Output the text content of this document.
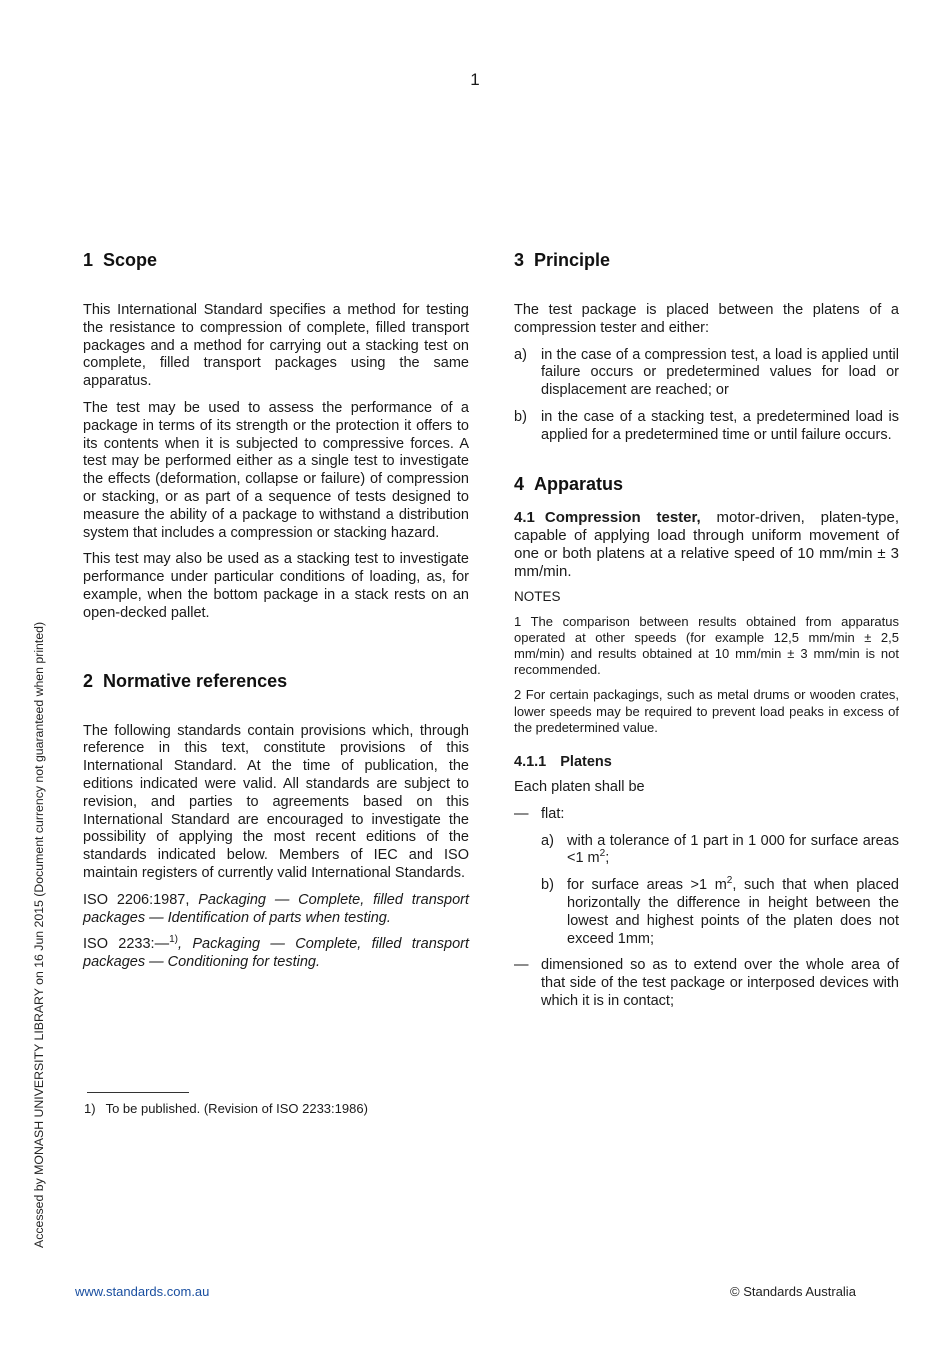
1
1 Scope

This International Standard specifies a method for testing the resistance to compression of complete, filled transport packages and a method for carrying out a stacking test on complete, filled transport packages using the same apparatus.

The test may be used to assess the performance of a package in terms of its strength or the protection it offers to its contents when it is subjected to compressive forces. A test may be performed either as a single test to investigate the effects (deformation, collapse or failure) of compression or stacking, or as part of a sequence of tests designed to measure the ability of a package to withstand a distribution system that includes a compression or stacking hazard.

This test may also be used as a stacking test to investigate performance under particular conditions of loading, as, for example, when the bottom package in a stack rests on an open-decked pallet.

2 Normative references

The following standards contain provisions which, through reference in this text, constitute provisions of this International Standard. At the time of publication, the editions indicated were valid. All standards are subject to revision, and parties to agreements based on this International Standard are encouraged to investigate the possibility of applying the most recent editions of the standards indicated below. Members of IEC and ISO maintain registers of currently valid International Standards.

ISO 2206:1987, Packaging — Complete, filled transport packages — Identification of parts when testing.

ISO 2233:—$^{1)}$, Packaging — Complete, filled transport packages — Conditioning for testing.

3 Principle

The test package is placed between the platens of a compression tester and either:

a) in the case of a compression test, a load is applied until failure occurs or predetermined values for load or displacement are reached; or
b) in the case of a stacking test, a predetermined load is applied for a predetermined time or until failure occurs.
4 Apparatus
4.1 Compression tester, motor-driven, platen-type, capable of applying load through uniform movement of one or both platens at a relative speed of 10 mm/min ± 3 mm/min.
NOTES
1 The comparison between results obtained from apparatus operated at other speeds (for example 12,5 mm/min ± 2,5 mm/min) and results obtained at 10 mm/min ± 3 mm/min is not recommended.
2 For certain packagings, such as metal drums or wooden crates, lower speeds may be required to prevent load peaks in excess of the predetermined value.
4.1.1 Platens

Each platen shall be

— flat:
a) with a tolerance of 1 part in 1 000 for surface areas <1 $m^2$;
b) for surface areas >1 $m^2$, such that when placed horizontally the difference in height between the lowest and highest points of the platen does not exceed 1mm;
— dimensioned so as to extend over the whole area of that side of the test package or interposed devices with which it is in contact;
1) To be published. (Revision of ISO 2233:1986)
Accessed by MONASH UNIVERSITY LIBRARY on 16 Jun 2015 (Document currency not guaranteed when printed)
www.standards.com.au	© Standards Australia
